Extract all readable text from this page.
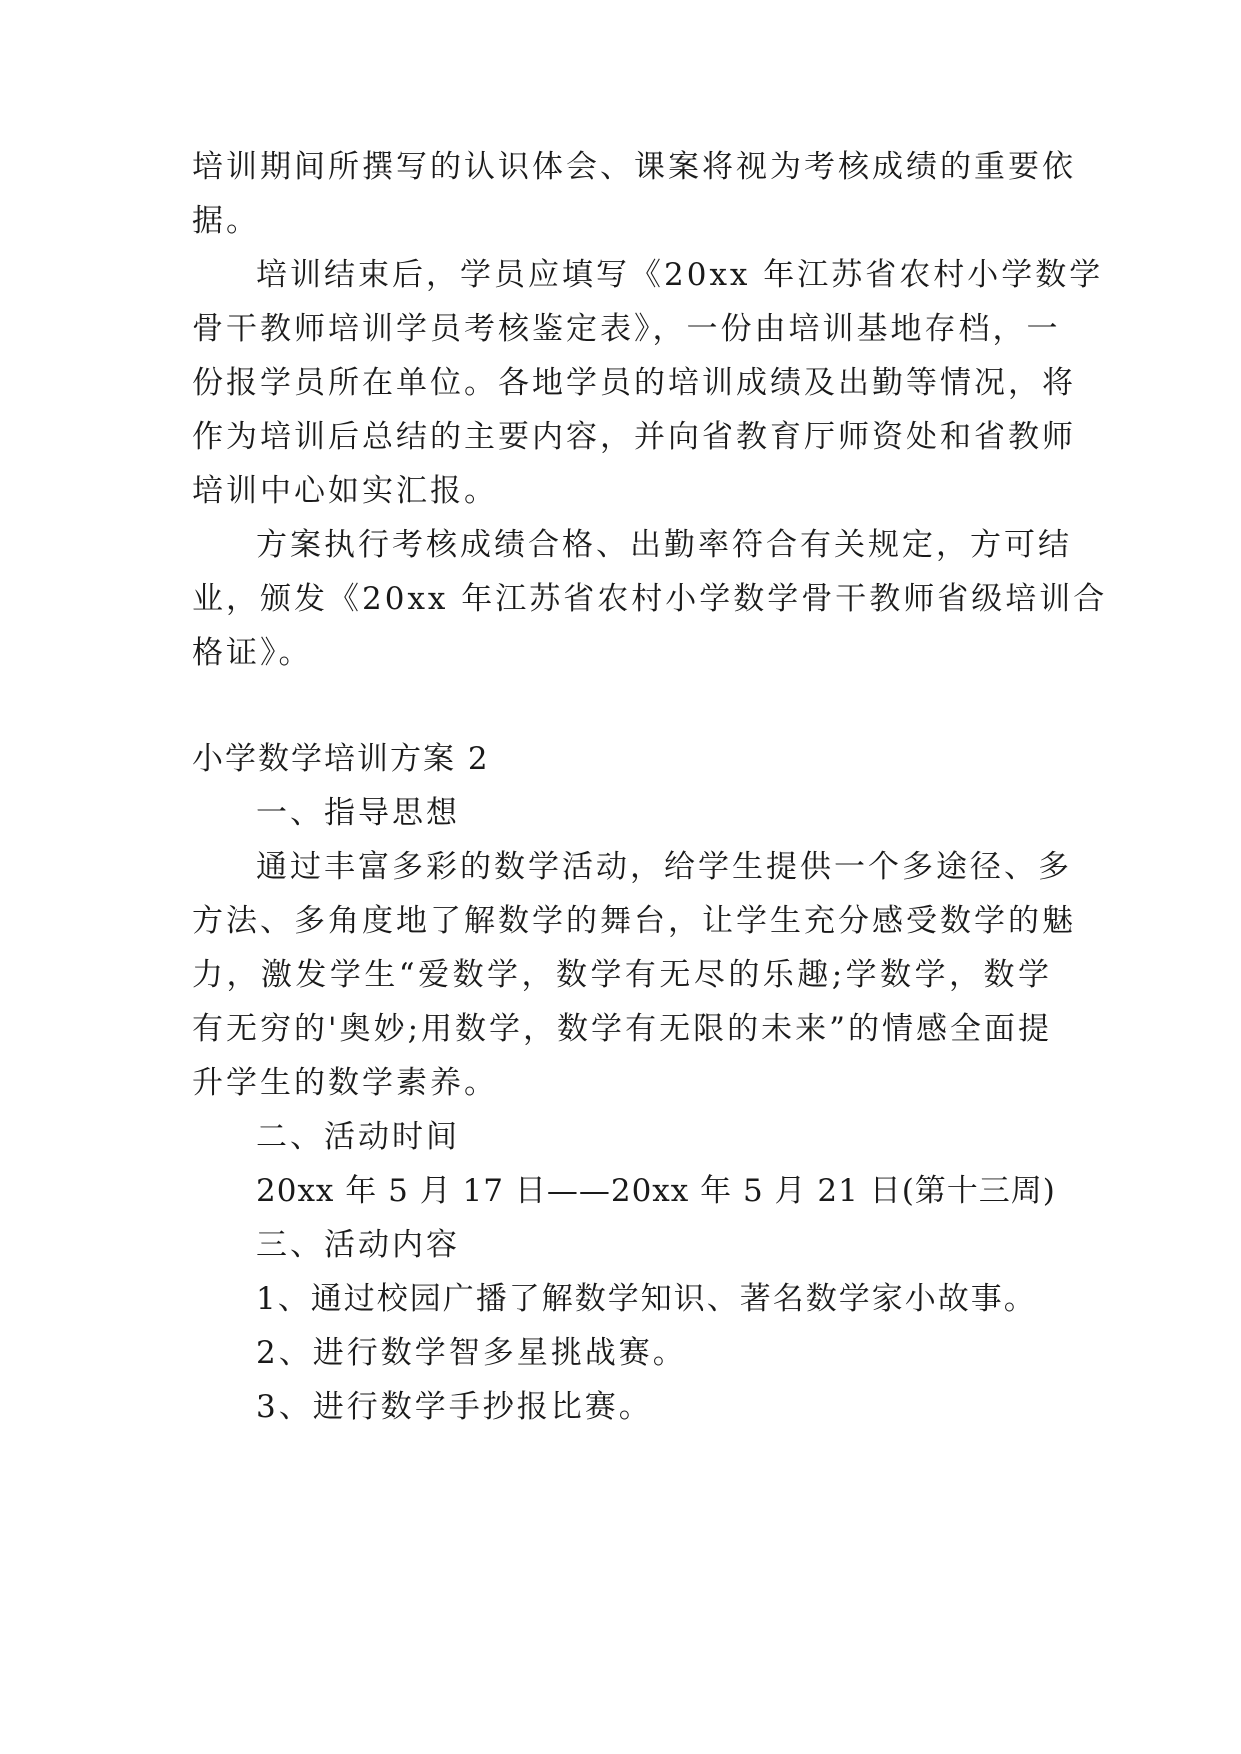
培训期间所撰写的认识体会、课案将视为考核成绩的重要依
据。
培训结束后，学员应填写《20xx 年江苏省农村小学数学
骨干教师培训学员考核鉴定表》，一份由培训基地存档，一
份报学员所在单位。各地学员的培训成绩及出勤等情况，将
作为培训后总结的主要内容，并向省教育厅师资处和省教师
培训中心如实汇报。
方案执行考核成绩合格、出勤率符合有关规定，方可结
业，颁发《20xx 年江苏省农村小学数学骨干教师省级培训合
格证》。
小学数学培训方案 2
一、指导思想
通过丰富多彩的数学活动，给学生提供一个多途径、多
方法、多角度地了解数学的舞台，让学生充分感受数学的魅
力，激发学生“爱数学，数学有无尽的乐趣;学数学，数学
有无穷的'奥妙;用数学，数学有无限的未来”的情感全面提
升学生的数学素养。
二、活动时间
20xx 年 5 月 17 日——20xx 年 5 月 21 日(第十三周)
三、活动内容
1、通过校园广播了解数学知识、著名数学家小故事。
2、进行数学智多星挑战赛。
3、进行数学手抄报比赛。
